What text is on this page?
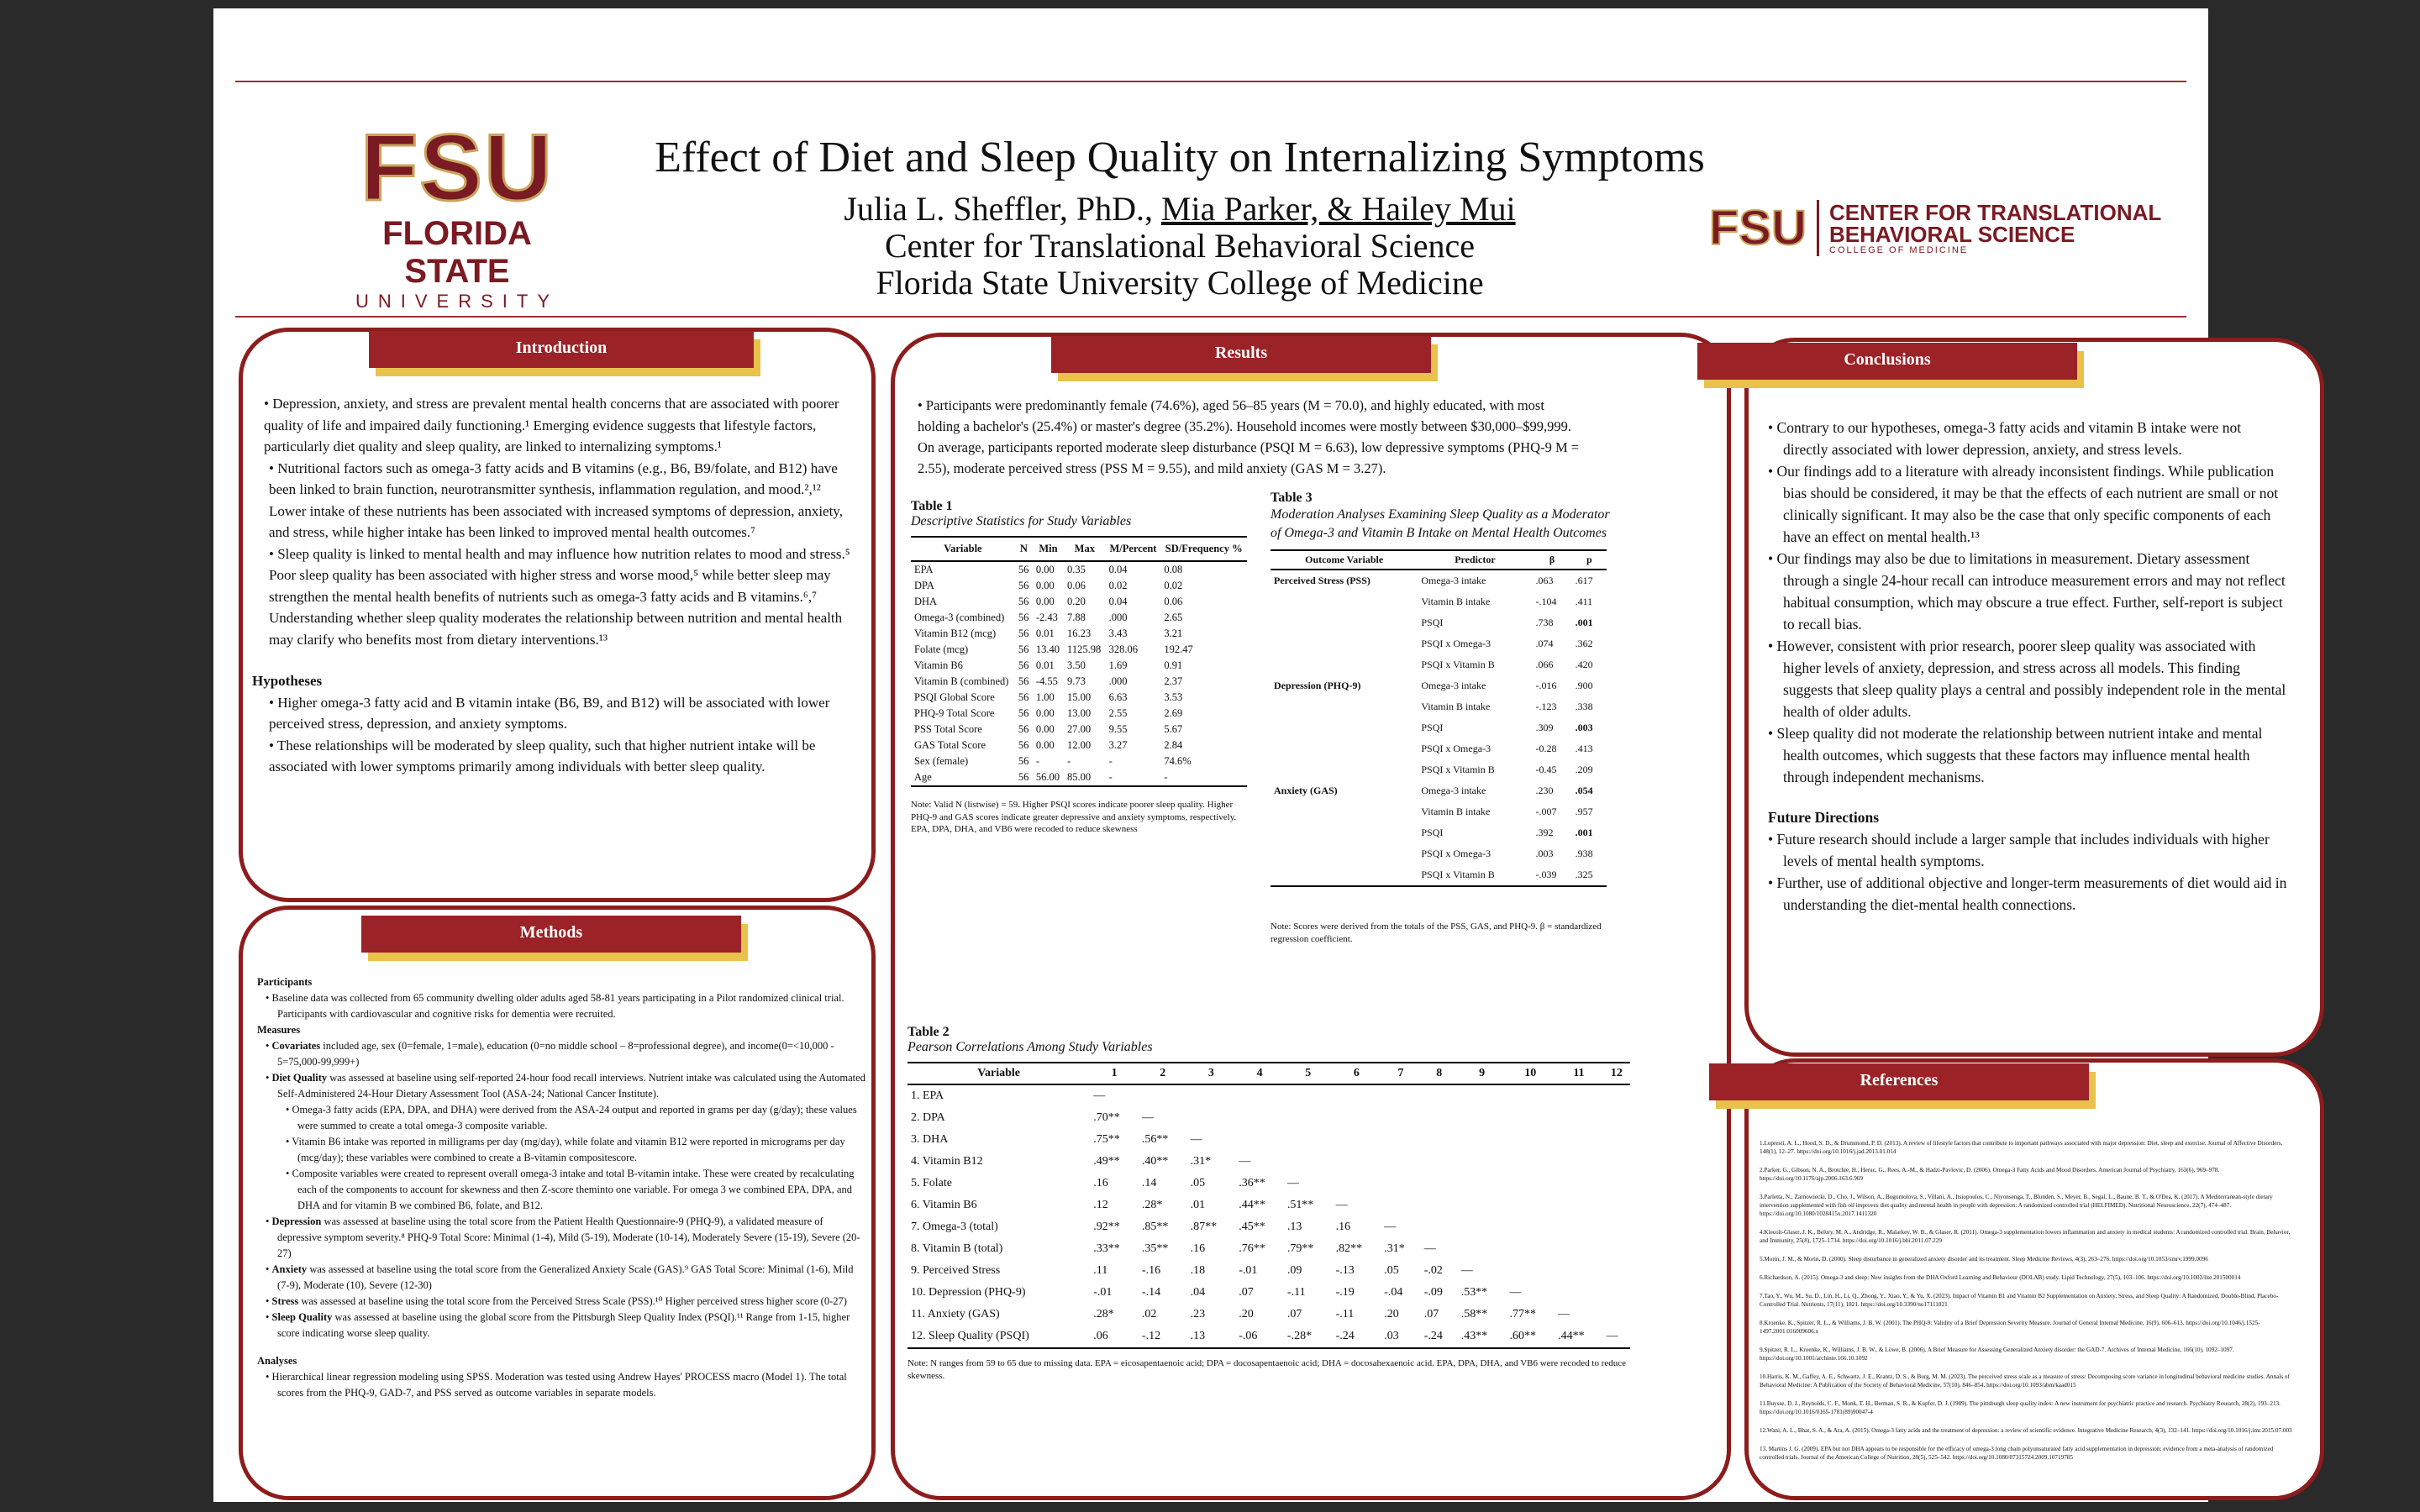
FSU
FLORIDA STATE
UNIVERSITY
Effect of Diet and Sleep Quality on Internalizing Symptoms
Julia L. Sheffler, PhD., Mia Parker, & Hailey Mui
Center for Translational Behavioral Science
Florida State University College of Medicine
FSU	CENTER FOR TRANSLATIONAL
BEHAVIORAL SCIENCE
COLLEGE OF MEDICINE
Introduction

• Depression, anxiety, and stress are prevalent mental health concerns that are associated with poorer quality of life and impaired daily functioning.¹ Emerging evidence suggests that lifestyle factors, particularly diet quality and sleep quality, are linked to internalizing symptoms.¹

• Nutritional factors such as omega-3 fatty acids and B vitamins (e.g., B6, B9/folate, and B12) have been linked to brain function, neurotransmitter synthesis, inflammation regulation, and mood.²,¹² Lower intake of these nutrients has been associated with increased symptoms of depression, anxiety, and stress, while higher intake has been linked to improved mental health outcomes.⁷

• Sleep quality is linked to mental health and may influence how nutrition relates to mood and stress.⁵ Poor sleep quality has been associated with higher stress and worse mood,⁵ while better sleep may strengthen the mental health benefits of nutrients such as omega-3 fatty acids and B vitamins.⁶,⁷ Understanding whether sleep quality moderates the relationship between nutrition and mental health may clarify who benefits most from dietary interventions.¹³

Hypotheses

• Higher omega-3 fatty acid and B vitamin intake (B6, B9, and B12) will be associated with lower perceived stress, depression, and anxiety symptoms.

• These relationships will be moderated by sleep quality, such that higher nutrient intake will be associated with lower symptoms primarily among individuals with better sleep quality.

Methods
Participants
• Baseline data was collected from 65 community dwelling older adults aged 58-81 years participating in a Pilot randomized clinical trial. Participants with cardiovascular and cognitive risks for dementia were recruited.
Measures
• Covariates included age, sex (0=female, 1=male), education (0=no middle school – 8=professional degree), and income(0=<10,000 - 5=75,000-99,999+)
• Diet Quality was assessed at baseline using self-reported 24-hour food recall interviews. Nutrient intake was calculated using the Automated Self-Administered 24-Hour Dietary Assessment Tool (ASA-24; National Cancer Institute).
• Omega-3 fatty acids (EPA, DPA, and DHA) were derived from the ASA-24 output and reported in grams per day (g/day); these values were summed to create a total omega-3 composite variable.
• Vitamin B6 intake was reported in milligrams per day (mg/day), while folate and vitamin B12 were reported in micrograms per day (mcg/day); these variables were combined to create a B-vitamin compositescore.
• Composite variables were created to represent overall omega-3 intake and total B-vitamin intake. These were created by recalculating each of the components to account for skewness and then Z-score theminto one variable. For omega 3 we combined EPA, DPA, and DHA and for vitamin B we combined B6, folate, and B12.
• Depression was assessed at baseline using the total score from the Patient Health Questionnaire-9 (PHQ-9), a validated measure of depressive symptom severity.⁸ PHQ-9 Total Score: Minimal (1-4), Mild (5-19), Moderate (10-14), Moderately Severe (15-19), Severe (20-27)
• Anxiety was assessed at baseline using the total score from the Generalized Anxiety Scale (GAS).⁹ GAS Total Score: Minimal (1-6), Mild (7-9), Moderate (10), Severe (12-30)
• Stress was assessed at baseline using the total score from the Perceived Stress Scale (PSS).¹⁰ Higher perceived stress higher score (0-27)
• Sleep Quality was assessed at baseline using the global score from the Pittsburgh Sleep Quality Index (PSQI).¹¹ Range from 1-15, higher score indicating worse sleep quality.
Analyses
• Hierarchical linear regression modeling using SPSS. Moderation was tested using Andrew Hayes' PROCESS macro (Model 1). The total scores from the PHQ-9, GAD-7, and PSS served as outcome variables in separate models.
Results

• Participants were predominantly female (74.6%), aged 56–85 years (M = 70.0), and highly educated, with most holding a bachelor's (25.4%) or master's degree (35.2%). Household incomes were mostly between $30,000–$99,999. On average, participants reported moderate sleep disturbance (PSQI M = 6.63), low depressive symptoms (PHQ-9 M = 2.55), moderate perceived stress (PSS M = 9.55), and mild anxiety (GAS M = 3.27).

Table 1
Descriptive Statistics for Study Variables
Variable	N	Min	Max	M/Percent	SD/Frequency %
EPA	56	0.00	0.35	0.04	0.08
DPA	56	0.00	0.06	0.02	0.02
DHA	56	0.00	0.20	0.04	0.06
Omega-3 (combined)	56	-2.43	7.88	.000	2.65
Vitamin B12 (mcg)	56	0.01	16.23	3.43	3.21
Folate (mcg)	56	13.40	1125.98	328.06	192.47
Vitamin B6	56	0.01	3.50	1.69	0.91
Vitamin B (combined)	56	-4.55	9.73	.000	2.37
PSQI Global Score	56	1.00	15.00	6.63	3.53
PHQ-9 Total Score	56	0.00	13.00	2.55	2.69
PSS Total Score	56	0.00	27.00	9.55	5.67
GAS Total Score	56	0.00	12.00	3.27	2.84
Sex (female)	56	-	-	-	74.6%
Age	56	56.00	85.00	-	-
Note: Valid N (listwise) = 59. Higher PSQI scores indicate poorer sleep quality. Higher PHQ-9 and GAS scores indicate greater depressive and anxiety symptoms, respectively. EPA, DPA, DHA, and VB6 were recoded to reduce skewness
Table 3
Moderation Analyses Examining Sleep Quality as a Moderator of Omega-3 and Vitamin B Intake on Mental Health Outcomes
Outcome Variable	Predictor	β	p
Perceived Stress (PSS)	Omega-3 intake	.063	.617
	Vitamin B intake	-.104	.411
	PSQI	.738	.001
	PSQI x Omega-3	.074	.362
	PSQI x Vitamin B	.066	.420
Depression (PHQ-9)	Omega-3 intake	-.016	.900
	Vitamin B intake	-.123	.338
	PSQI	.309	.003
	PSQI x Omega-3	-0.28	.413
	PSQI x Vitamin B	-0.45	.209
Anxiety (GAS)	Omega-3 intake	.230	.054
	Vitamin B intake	-.007	.957
	PSQI	.392	.001
	PSQI x Omega-3	.003	.938
	PSQI x Vitamin B	-.039	.325
Note: Scores were derived from the totals of the PSS, GAS, and PHQ-9. β = standardized regression coefficient.
Table 2
Pearson Correlations Among Study Variables
Variable	1	2	3	4	5	6	7	8	9	10	11	12
1. EPA	—											
2. DPA	.70**	—										
3. DHA	.75**	.56**	—									
4. Vitamin B12	.49**	.40**	.31*	—								
5. Folate	.16	.14	.05	.36**	—							
6. Vitamin B6	.12	.28*	.01	.44**	.51**	—						
7. Omega-3 (total)	.92**	.85**	.87**	.45**	.13	.16	—					
8. Vitamin B (total)	.33**	.35**	.16	.76**	.79**	.82**	.31*	—				
9. Perceived Stress	.11	-.16	.18	-.01	.09	-.13	.05	-.02	—			
10. Depression (PHQ-9)	-.01	-.14	.04	.07	-.11	-.19	-.04	-.09	.53**	—		
11. Anxiety (GAS)	.28*	.02	.23	.20	.07	-.11	.20	.07	.58**	.77**	—	
12. Sleep Quality (PSQI)	.06	-.12	.13	-.06	-.28*	-.24	.03	-.24	.43**	.60**	.44**	—
Note: N ranges from 59 to 65 due to missing data. EPA = eicosapentaenoic acid; DPA = docosapentaenoic acid; DHA = docosahexaenoic acid. EPA, DPA, DHA, and VB6 were recoded to reduce skewness.
Conclusions
• Contrary to our hypotheses, omega-3 fatty acids and vitamin B intake were not directly associated with lower depression, anxiety, and stress levels.
• Our findings add to a literature with already inconsistent findings. While publication bias should be considered, it may be that the effects of each nutrient are small or not clinically significant. It may also be the case that only specific components of each have an effect on mental health.¹³
• Our findings may also be due to limitations in measurement. Dietary assessment through a single 24-hour recall can introduce measurement errors and may not reflect habitual consumption, which may obscure a true effect. Further, self-report is subject to recall bias.
• However, consistent with prior research, poorer sleep quality was associated with higher levels of anxiety, depression, and stress across all models. This finding suggests that sleep quality plays a central and possibly independent role in the mental health of older adults.
• Sleep quality did not moderate the relationship between nutrient intake and mental health outcomes, which suggests that these factors may influence mental health through independent mechanisms.
Future Directions
• Future research should include a larger sample that includes individuals with higher levels of mental health symptoms.
• Further, use of additional objective and longer-term measurements of diet would aid in understanding the diet-mental health connections.
References
1.Lopresti, A. L., Hood, S. D., & Drummond, P. D. (2013). A review of lifestyle factors that contribute to important pathways associated with major depression: Diet, sleep and exercise. Journal of Affective Disorders, 148(1), 12–27. https://doi.org/10.1016/j.jad.2013.01.014
2.Parker, G., Gibson, N. A., Brotchie, H., Heruc, G., Rees, A.-M., & Hadzi-Pavlovic, D. (2006). Omega-3 Fatty Acids and Mood Disorders. American Journal of Psychiatry, 163(6), 969–978. https://doi.org/10.1176/ajp.2006.163.6.969
3.Parletta, N., Zarnowiecki, D., Cho, J., Wilson, A., Bogomolova, S., Villani, A., Itsiopoulos, C., Niyonsenga, T., Blunden, S., Meyer, B., Segal, L., Baune, B. T., & O'Dea, K. (2017). A Mediterranean-style dietary intervention supplemented with fish oil improves diet quality and mental health in people with depression: A randomized controlled trial (HELFIMED). Nutritional Neuroscience, 22(7), 474–487. https://doi.org/10.1080/1028415x.2017.1411320
4.Kiecolt-Glaser, J. K., Belury, M. A., Andridge, R., Malarkey, W. B., & Glaser, R. (2011). Omega-3 supplementation lowers inflammation and anxiety in medical students: A randomized controlled trial. Brain, Behavior, and Immunity, 25(8), 1725–1734. https://doi.org/10.1016/j.bbi.2011.07.229
5.Morin, J. M., & Morin, D. (2000). Sleep disturbance in generalized anxiety disorder and its treatment. Sleep Medicine Reviews, 4(3), 263–276. https://doi.org/10.1053/smrv.1999.0096
6.Richardson, A. (2015). Omega-3 and sleep: New insights from the DHA Oxford Learning and Behaviour (DOLAB) study. Lipid Technology, 27(5), 103–106. https://doi.org/10.1002/lite.201500014
7.Tao, Y., Wu, M., Su, D., Lin, H., Li, Q., Zhong, Y., Xiao, Y., & Yu, X. (2023). Impact of Vitamin B1 and Vitamin B2 Supplementation on Anxiety, Stress, and Sleep Quality: A Randomized, Double-Blind, Placebo-Controlled Trial. Nutrients, 17(11), 1821. https://doi.org/10.3390/nu17111821
8.Kroenke, K., Spitzer, R. L., & Williams, J. B. W. (2001). The PHQ-9: Validity of a Brief Depression Severity Measure. Journal of General Internal Medicine, 16(9), 606–613. https://doi.org/10.1046/j.1525-1497.2001.016009606.x
9.Spitzer, R. L., Kroenke, K., Williams, J. B. W., & Löwe, B. (2006). A Brief Measure for Assessing Generalized Anxiety disorder: the GAD-7. Archives of Internal Medicine, 166(10), 1092–1097. https://doi.org/10.1001/archinte.166.10.1092
10.Harris, K. M., Gaffey, A. E., Schwartz, J. E., Krantz, D. S., & Burg, M. M. (2023). The perceived stress scale as a measure of stress: Decomposing score variance in longitudinal behavioral medicine studies. Annals of Behavioral Medicine: A Publication of the Society of Behavioral Medicine, 57(10), 846–854. https://doi.org/10.1093/abm/kaad015
11.Buysse, D. J., Reynolds, C. F., Monk, T. H., Berman, S. R., & Kupfer, D. J. (1989). The pittsburgh sleep quality index: A new instrument for psychiatric practice and research. Psychiatry Research, 28(2), 193–213. https://doi.org/10.1016/0165-1781(89)90047-4
12.Wani, A. L., Bhat, S. A., & Ara, A. (2015). Omega-3 fatty acids and the treatment of depression: a review of scientific evidence. Integrative Medicine Research, 4(3), 132–141. https://doi.org/10.1016/j.imr.2015.07.003
13. Martins J. G. (2009). EPA but not DHA appears to be responsible for the efficacy of omega-3 long chain polyunsaturated fatty acid supplementation in depression: evidence from a meta-analysis of randomized controlled trials. Journal of the American College of Nutrition, 28(5), 525–542. https://doi.org/10.1080/07315724.2009.10719785
